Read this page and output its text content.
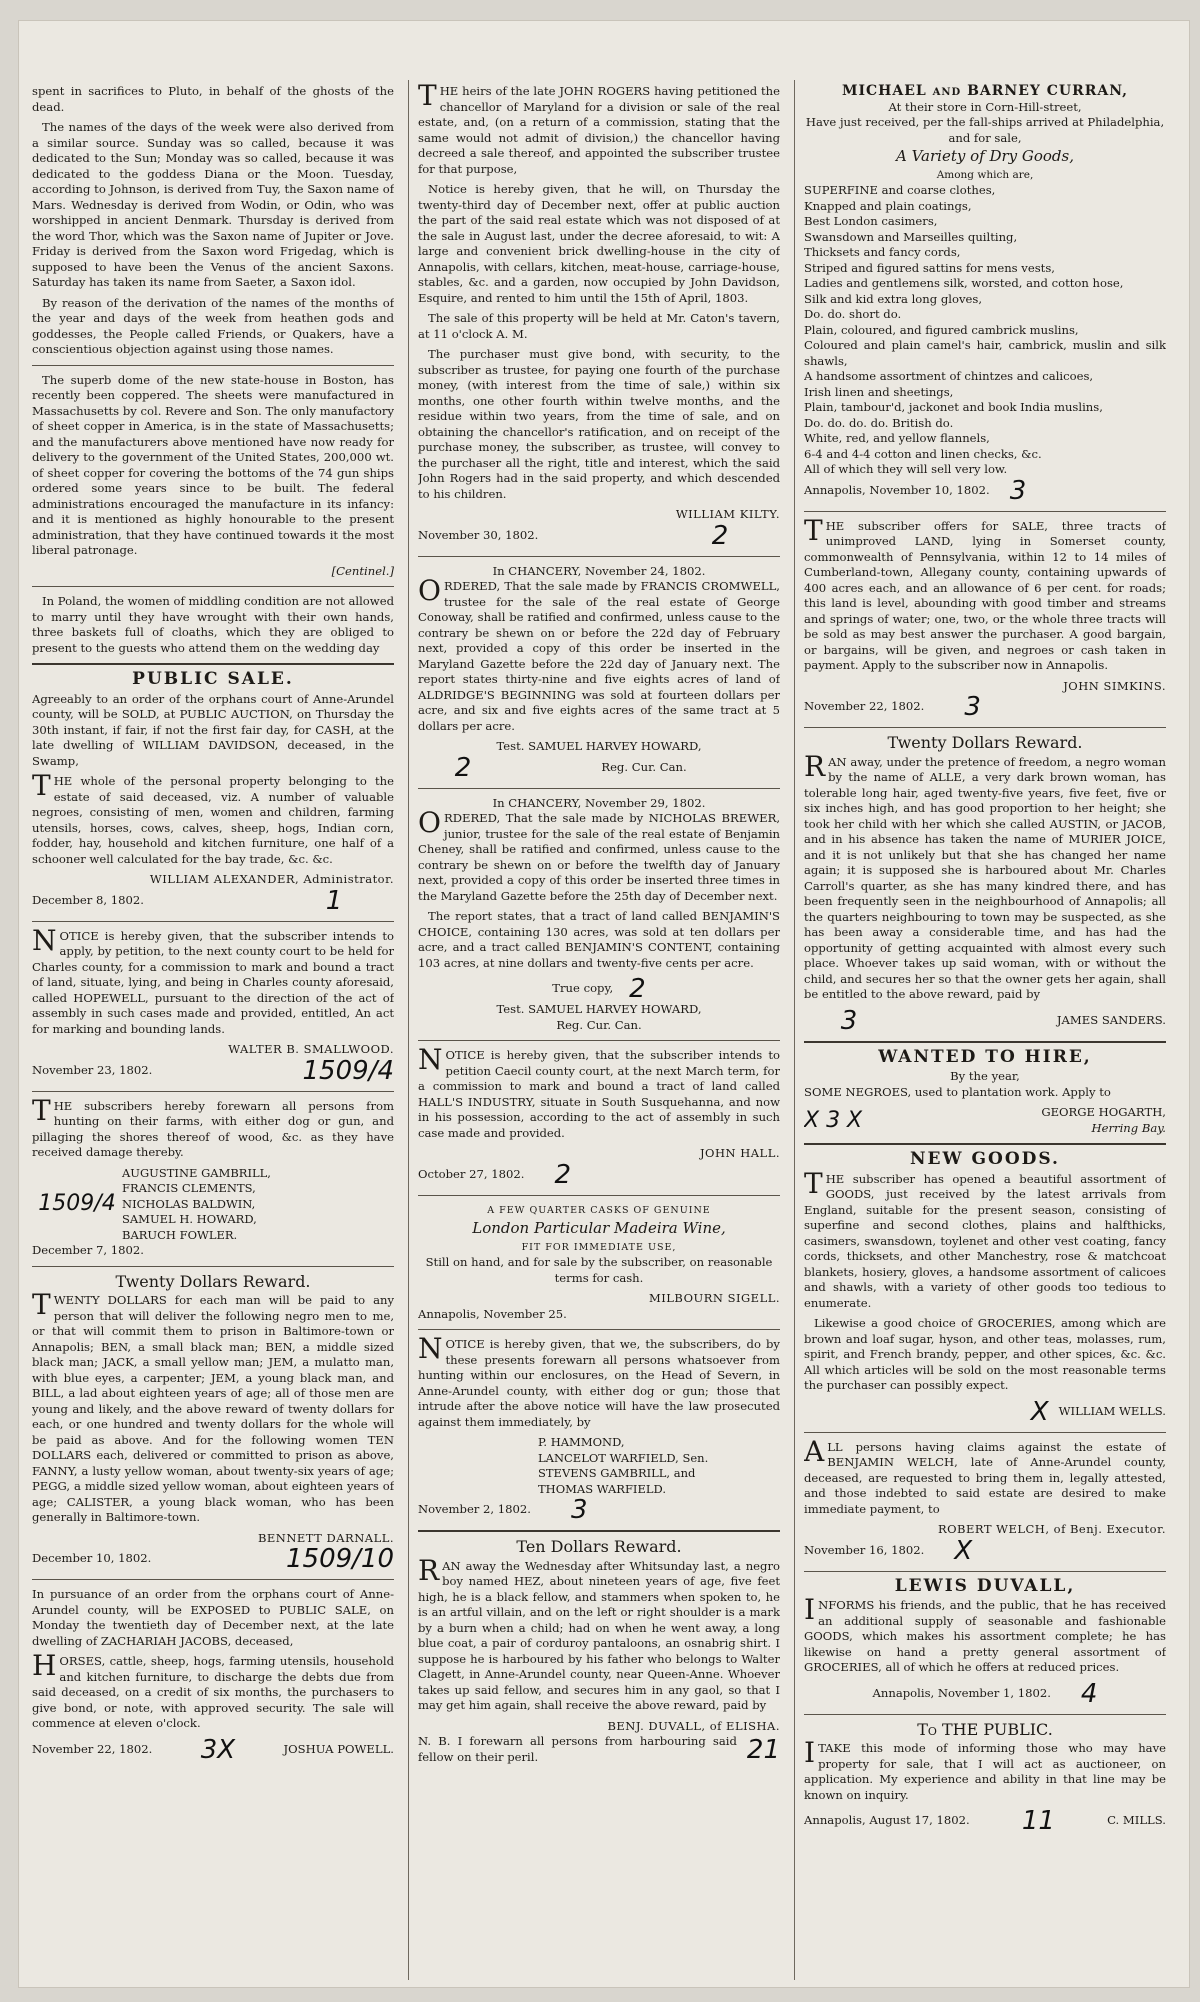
spent in sacrifices to Pluto, in behalf of the ghosts of the dead.

The names of the days of the week were also derived from a similar source. Sunday was so called, because it was dedicated to the Sun; Monday was so called, because it was dedicated to the goddess Diana or the Moon. Tuesday, according to Johnson, is derived from Tuy, the Saxon name of Mars. Wednesday is derived from Wodin, or Odin, who was worshipped in ancient Denmark. Thursday is derived from the word Thor, which was the Saxon name of Jupiter or Jove. Friday is derived from the Saxon word Frigedag, which is supposed to have been the Venus of the ancient Saxons. Saturday has taken its name from Saeter, a Saxon idol.

By reason of the derivation of the names of the months of the year and days of the week from heathen gods and goddesses, the People called Friends, or Quakers, have a conscientious objection against using those names.

The superb dome of the new state-house in Boston, has recently been coppered. The sheets were manufactured in Massachusetts by col. Revere and Son. The only manufactory of sheet copper in America, is in the state of Massachusetts; and the manufacturers above mentioned have now ready for delivery to the government of the United States, 200,000 wt. of sheet copper for covering the bottoms of the 74 gun ships ordered some years since to be built. The federal administrations encouraged the manufacture in its infancy: and it is mentioned as highly honourable to the present administration, that they have continued towards it the most liberal patronage.

[Centinel.]

In Poland, the women of middling condition are not allowed to marry until they have wrought with their own hands, three baskets full of cloaths, which they are obliged to present to the guests who attend them on the wedding day

PUBLIC SALE.

Agreeably to an order of the orphans court of Anne-Arundel county, will be SOLD, at PUBLIC AUCTION, on Thursday the 30th instant, if fair, if not the first fair day, for CASH, at the late dwelling of WILLIAM DAVIDSON, deceased, in the Swamp,

THE whole of the personal property belonging to the estate of said deceased, viz. A number of valuable negroes, consisting of men, women and children, farming utensils, horses, cows, calves, sheep, hogs, Indian corn, fodder, hay, household and kitchen furniture, one half of a schooner well calculated for the bay trade, &c. &c.

WILLIAM ALEXANDER, Administrator.
December 8, 1802.	1

NOTICE is hereby given, that the subscriber intends to apply, by petition, to the next county court to be held for Charles county, for a commission to mark and bound a tract of land, situate, lying, and being in Charles county aforesaid, called HOPEWELL, pursuant to the direction of the act of assembly in such cases made and provided, entitled, An act for marking and bounding lands.

WALTER B. SMALLWOOD.
November 23, 1802.	1509/4

THE subscribers hereby forewarn all persons from hunting on their farms, with either dog or gun, and pillaging the shores thereof of wood, &c. as they have received damage thereby.

1509/4
AUGUSTINE GAMBRILL,
FRANCIS CLEMENTS,
NICHOLAS BALDWIN,
SAMUEL H. HOWARD,
BARUCH FOWLER.
December 7, 1802.
Twenty Dollars Reward.

TWENTY DOLLARS for each man will be paid to any person that will deliver the following negro men to me, or that will commit them to prison in Baltimore-town or Annapolis; BEN, a small black man; BEN, a middle sized black man; JACK, a small yellow man; JEM, a mulatto man, with blue eyes, a carpenter; JEM, a young black man, and BILL, a lad about eighteen years of age; all of those men are young and likely, and the above reward of twenty dollars for each, or one hundred and twenty dollars for the whole will be paid as above. And for the following women TEN DOLLARS each, delivered or committed to prison as above, FANNY, a lusty yellow woman, about twenty-six years of age; PEGG, a middle sized yellow woman, about eighteen years of age; CALISTER, a young black woman, who has been generally in Baltimore-town.

BENNETT DARNALL.
December 10, 1802.	1509/10

In pursuance of an order from the orphans court of Anne-Arundel county, will be EXPOSED to PUBLIC SALE, on Monday the twentieth day of December next, at the late dwelling of ZACHARIAH JACOBS, deceased,

HORSES, cattle, sheep, hogs, farming utensils, household and kitchen furniture, to discharge the debts due from said deceased, on a credit of six months, the purchasers to give bond, or note, with approved security. The sale will commence at eleven o'clock.

November 22, 1802. 3X	JOSHUA POWELL.

THE heirs of the late JOHN ROGERS having petitioned the chancellor of Maryland for a division or sale of the real estate, and, (on a return of a commission, stating that the same would not admit of division,) the chancellor having decreed a sale thereof, and appointed the subscriber trustee for that purpose,

Notice is hereby given, that he will, on Thursday the twenty-third day of December next, offer at public auction the part of the said real estate which was not disposed of at the sale in August last, under the decree aforesaid, to wit: A large and convenient brick dwelling-house in the city of Annapolis, with cellars, kitchen, meat-house, carriage-house, stables, &c. and a garden, now occupied by John Davidson, Esquire, and rented to him until the 15th of April, 1803.

The sale of this property will be held at Mr. Caton's tavern, at 11 o'clock A. M.

The purchaser must give bond, with security, to the subscriber as trustee, for paying one fourth of the purchase money, (with interest from the time of sale,) within six months, one other fourth within twelve months, and the residue within two years, from the time of sale, and on obtaining the chancellor's ratification, and on receipt of the purchase money, the subscriber, as trustee, will convey to the purchaser all the right, title and interest, which the said John Rogers had in the said property, and which descended to his children.

WILLIAM KILTY.
November 30, 1802.	2
In CHANCERY, November 24, 1802.

ORDERED, That the sale made by FRANCIS CROMWELL, trustee for the sale of the real estate of George Conoway, shall be ratified and confirmed, unless cause to the contrary be shewn on or before the 22d day of February next, provided a copy of this order be inserted in the Maryland Gazette before the 22d day of January next. The report states thirty-nine and five eights acres of land of ALDRIDGE'S BEGINNING was sold at fourteen dollars per acre, and six and five eights acres of the same tract at 5 dollars per acre.

Test. SAMUEL HARVEY HOWARD,
2	Reg. Cur. Can.
In CHANCERY, November 29, 1802.

ORDERED, That the sale made by NICHOLAS BREWER, junior, trustee for the sale of the real estate of Benjamin Cheney, shall be ratified and confirmed, unless cause to the contrary be shewn on or before the twelfth day of January next, provided a copy of this order be inserted three times in the Maryland Gazette before the 25th day of December next.

The report states, that a tract of land called BENJAMIN'S CHOICE, containing 130 acres, was sold at ten dollars per acre, and a tract called BENJAMIN'S CONTENT, containing 103 acres, at nine dollars and twenty-five cents per acre.

True copy, 2
Test. SAMUEL HARVEY HOWARD,
Reg. Cur. Can.

NOTICE is hereby given, that the subscriber intends to petition Caecil county court, at the next March term, for a commission to mark and bound a tract of land called HALL'S INDUSTRY, situate in South Susquehanna, and now in his possession, according to the act of assembly in such case made and provided.

JOHN HALL.
October 27, 1802. 2
A FEW QUARTER CASKS OF GENUINE
London Particular Madeira Wine,
FIT FOR IMMEDIATE USE,

Still on hand, and for sale by the subscriber, on reasonable terms for cash.

MILBOURN SIGELL.
Annapolis, November 25.

NOTICE is hereby given, that we, the subscribers, do by these presents forewarn all persons whatsoever from hunting within our enclosures, on the Head of Severn, in Anne-Arundel county, with either dog or gun; those that intrude after the above notice will have the law prosecuted against them immediately, by

P. HAMMOND,
LANCELOT WARFIELD, Sen.
STEVENS GAMBRILL, and
THOMAS WARFIELD.
November 2, 1802. 3
Ten Dollars Reward.

RAN away the Wednesday after Whitsunday last, a negro boy named HEZ, about nineteen years of age, five feet high, he is a black fellow, and stammers when spoken to, he is an artful villain, and on the left or right shoulder is a mark by a burn when a child; had on when he went away, a long blue coat, a pair of corduroy pantaloons, an osnabrig shirt. I suppose he is harboured by his father who belongs to Walter Clagett, in Anne-Arundel county, near Queen-Anne. Whoever takes up said fellow, and secures him in any gaol, so that I may get him again, shall receive the above reward, paid by

BENJ. DUVALL, of ELISHA.
N. B. I forewarn all persons from harbouring said fellow on their peril.	21
MICHAEL and BARNEY CURRAN,
At their store in Corn-Hill-street,
Have just received, per the fall-ships arrived at Philadelphia, and for sale,
A Variety of Dry Goods,
Among which are,

SUPERFINE and coarse clothes,

Knapped and plain coatings,

Best London casimers,

Swansdown and Marseilles quilting,

Thicksets and fancy cords,

Striped and figured sattins for mens vests,

Ladies and gentlemens silk, worsted, and cotton hose,

Silk and kid extra long gloves,

Do. do. short do.

Plain, coloured, and figured cambrick muslins,

Coloured and plain camel's hair, cambrick, muslin and silk shawls,

A handsome assortment of chintzes and calicoes,

Irish linen and sheetings,

Plain, tambour'd, jackonet and book India muslins,

Do. do. do. do. British do.

White, red, and yellow flannels,

6-4 and 4-4 cotton and linen checks, &c.

All of which they will sell very low.

Annapolis, November 10, 1802. 3

THE subscriber offers for SALE, three tracts of unimproved LAND, lying in Somerset county, commonwealth of Pennsylvania, within 12 to 14 miles of Cumberland-town, Allegany county, containing upwards of 400 acres each, and an allowance of 6 per cent. for roads; this land is level, abounding with good timber and streams and springs of water; one, two, or the whole three tracts will be sold as may best answer the purchaser. A good bargain, or bargains, will be given, and negroes or cash taken in payment. Apply to the subscriber now in Annapolis.

JOHN SIMKINS.
November 22, 1802. 3
Twenty Dollars Reward.

RAN away, under the pretence of freedom, a negro woman by the name of ALLE, a very dark brown woman, has tolerable long hair, aged twenty-five years, five feet, five or six inches high, and has good proportion to her height; she took her child with her which she called AUSTIN, or JACOB, and in his absence has taken the name of MURIER JOICE, and it is not unlikely but that she has changed her name again; it is supposed she is harboured about Mr. Charles Carroll's quarter, as she has many kindred there, and has been frequently seen in the neighbourhood of Annapolis; all the quarters neighbouring to town may be suspected, as she has been away a considerable time, and has had the opportunity of getting acquainted with almost every such place. Whoever takes up said woman, with or without the child, and secures her so that the owner gets her again, shall be entitled to the above reward, paid by

3	JAMES SANDERS.
WANTED TO HIRE,
By the year,

SOME NEGROES, used to plantation work. Apply to

X 3 X	GEORGE HOGARTH,
Herring Bay.
NEW GOODS.

THE subscriber has opened a beautiful assortment of GOODS, just received by the latest arrivals from England, suitable for the present season, consisting of superfine and second clothes, plains and halfthicks, casimers, swansdown, toylenet and other vest coating, fancy cords, thicksets, and other Manchestry, rose & matchcoat blankets, hosiery, gloves, a handsome assortment of calicoes and shawls, with a variety of other goods too tedious to enumerate.

Likewise a good choice of GROCERIES, among which are brown and loaf sugar, hyson, and other teas, molasses, rum, spirit, and French brandy, pepper, and other spices, &c. &c. All which articles will be sold on the most reasonable terms the purchaser can possibly expect.

X WILLIAM WELLS.

ALL persons having claims against the estate of BENJAMIN WELCH, late of Anne-Arundel county, deceased, are requested to bring them in, legally attested, and those indebted to said estate are desired to make immediate payment, to

ROBERT WELCH, of Benj. Executor.
November 16, 1802. X
LEWIS DUVALL,

INFORMS his friends, and the public, that he has received an additional supply of seasonable and fashionable GOODS, which makes his assortment complete; he has likewise on hand a pretty general assortment of GROCERIES, all of which he offers at reduced prices.

Annapolis, November 1, 1802. 4
To THE PUBLIC.

ITAKE this mode of informing those who may have property for sale, that I will act as auctioneer, on application. My experience and ability in that line may be known on inquiry.

Annapolis, August 17, 1802. 11	C. MILLS.
